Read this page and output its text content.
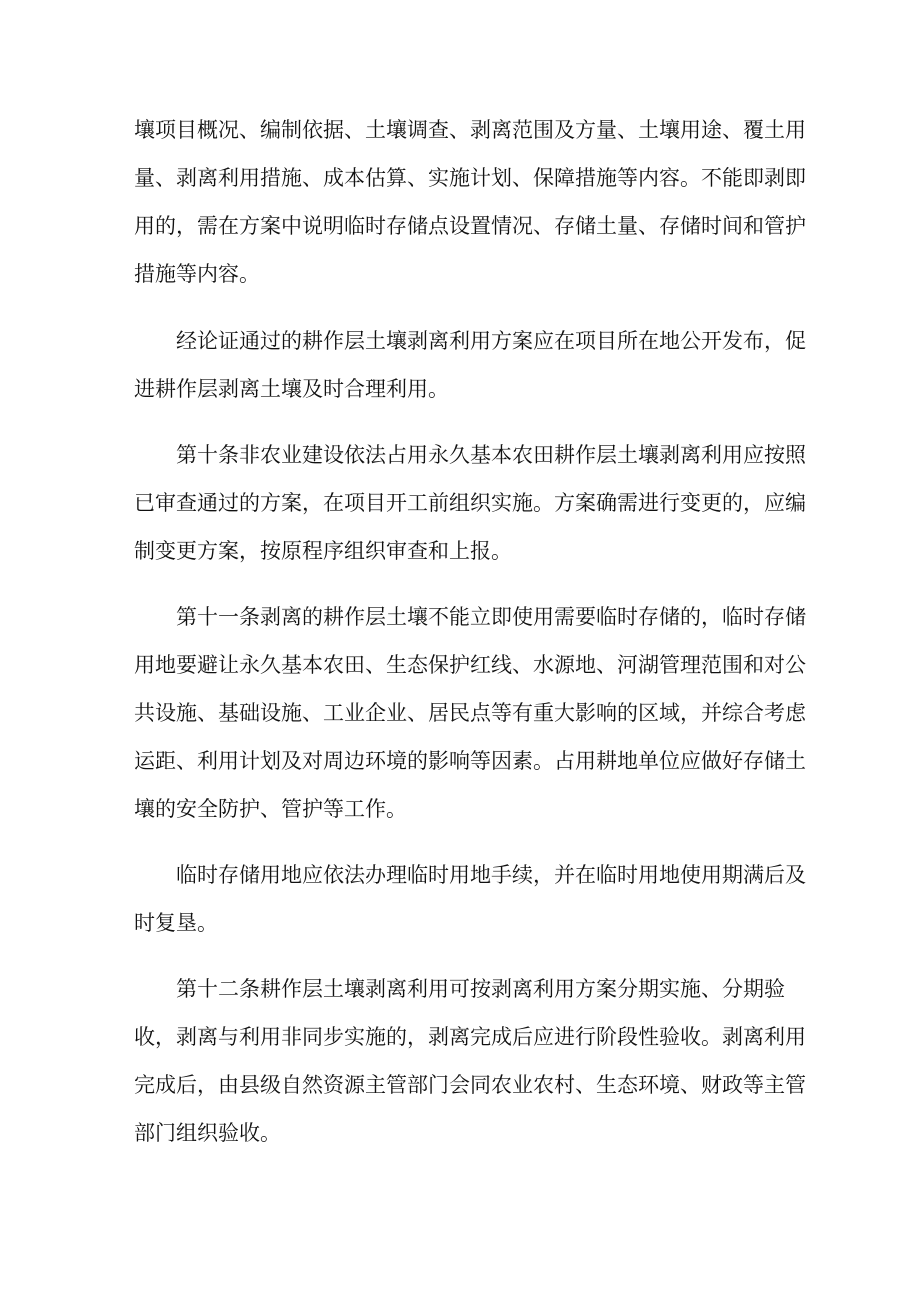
壤项目概况、编制依据、土壤调查、剥离范围及方量、土壤用途、覆土用
量、剥离利用措施、成本估算、实施计划、保障措施等内容。不能即剥即
用的，需在方案中说明临时存储点设置情况、存储土量、存储时间和管护
措施等内容。
经论证通过的耕作层土壤剥离利用方案应在项目所在地公开发布，促
进耕作层剥离土壤及时合理利用。
第十条非农业建设依法占用永久基本农田耕作层土壤剥离利用应按照
已审查通过的方案，在项目开工前组织实施。方案确需进行变更的，应编
制变更方案，按原程序组织审查和上报。
第十一条剥离的耕作层土壤不能立即使用需要临时存储的，临时存储
用地要避让永久基本农田、生态保护红线、水源地、河湖管理范围和对公
共设施、基础设施、工业企业、居民点等有重大影响的区域，并综合考虑
运距、利用计划及对周边环境的影响等因素。占用耕地单位应做好存储土
壤的安全防护、管护等工作。
临时存储用地应依法办理临时用地手续，并在临时用地使用期满后及
时复垦。
第十二条耕作层土壤剥离利用可按剥离利用方案分期实施、分期验
收，剥离与利用非同步实施的，剥离完成后应进行阶段性验收。剥离利用
完成后，由县级自然资源主管部门会同农业农村、生态环境、财政等主管
部门组织验收。
